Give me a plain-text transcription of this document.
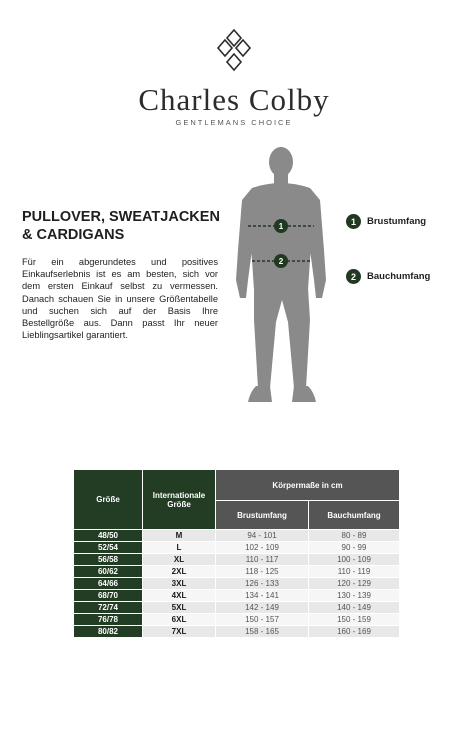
Charles Colby
GENTLEMANS CHOICE
PULLOVER, SWEATJACKEN
& CARDIGANS
Für ein abgerundetes und positives Einkaufserlebnis ist es am besten, sich vor dem ersten Einkauf selbst zu vermessen. Danach schauen Sie in unsere Größentabelle und suchen sich auf der Basis Ihre Bestellgröße aus. Dann passt Ihr neuer Lieblingsartikel garantiert.
1
2
1	Brustumfang
2	Bauchumfang
Größe	Internationale Größe	Körpermaße in cm	
		Brustumfang	Bauchumfang
48/50	M	94 - 101	80 - 89
52/54	L	102 - 109	90 - 99
56/58	XL	110 - 117	100 - 109
60/62	2XL	118 - 125	110 - 119
64/66	3XL	126 - 133	120 - 129
68/70	4XL	134 - 141	130 - 139
72/74	5XL	142 - 149	140 - 149
76/78	6XL	150 - 157	150 - 159
80/82	7XL	158 - 165	160 - 169
